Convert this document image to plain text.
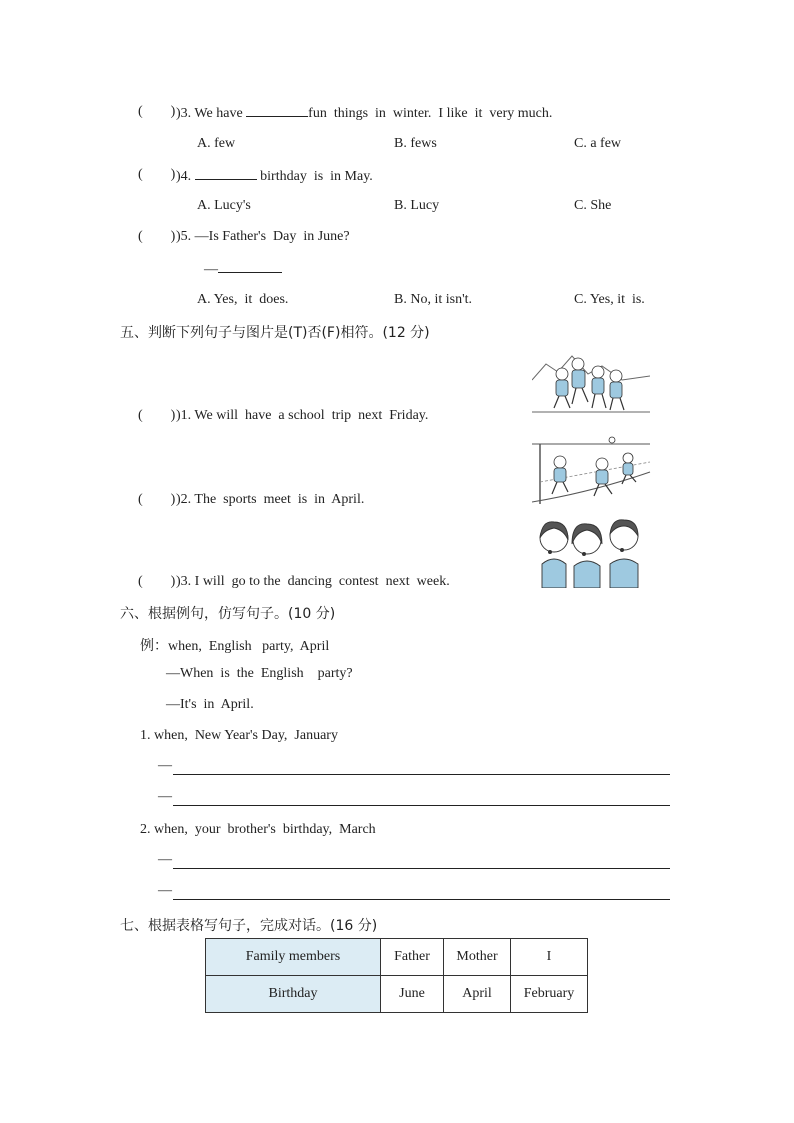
(        ) )3. We have	fun  things  in  winter.  I like  it  very much.
A. few	B. fews	C. a few
(        ) )4.	birthday  is  in May.
A. Lucy's	B. Lucy	C. She
(        ) )5. —Is Father's  Day  in June?
—
A. Yes,  it  does.	B. No, it isn't.	C. Yes, it  is.
五、判断下列句子与图片是(T)否(F)相符。(12 分)
(        ) )1. We will  have  a school  trip  next  Friday.
(        ) )2. The  sports  meet  is  in  April.
(        ) )3. I will  go to the  dancing  contest  next  week.
六、根据例句，仿写句子。(10 分)
例：when,  English   party,  April
—When  is  the  English    party?
—It's  in  April.
1. when,  New Year's Day,  January
—
—
2. when,  your  brother's  birthday,  March
—
—
七、根据表格写句子，完成对话。(16 分)
Family members	Father	Mother	I
Birthday	June	April	February
